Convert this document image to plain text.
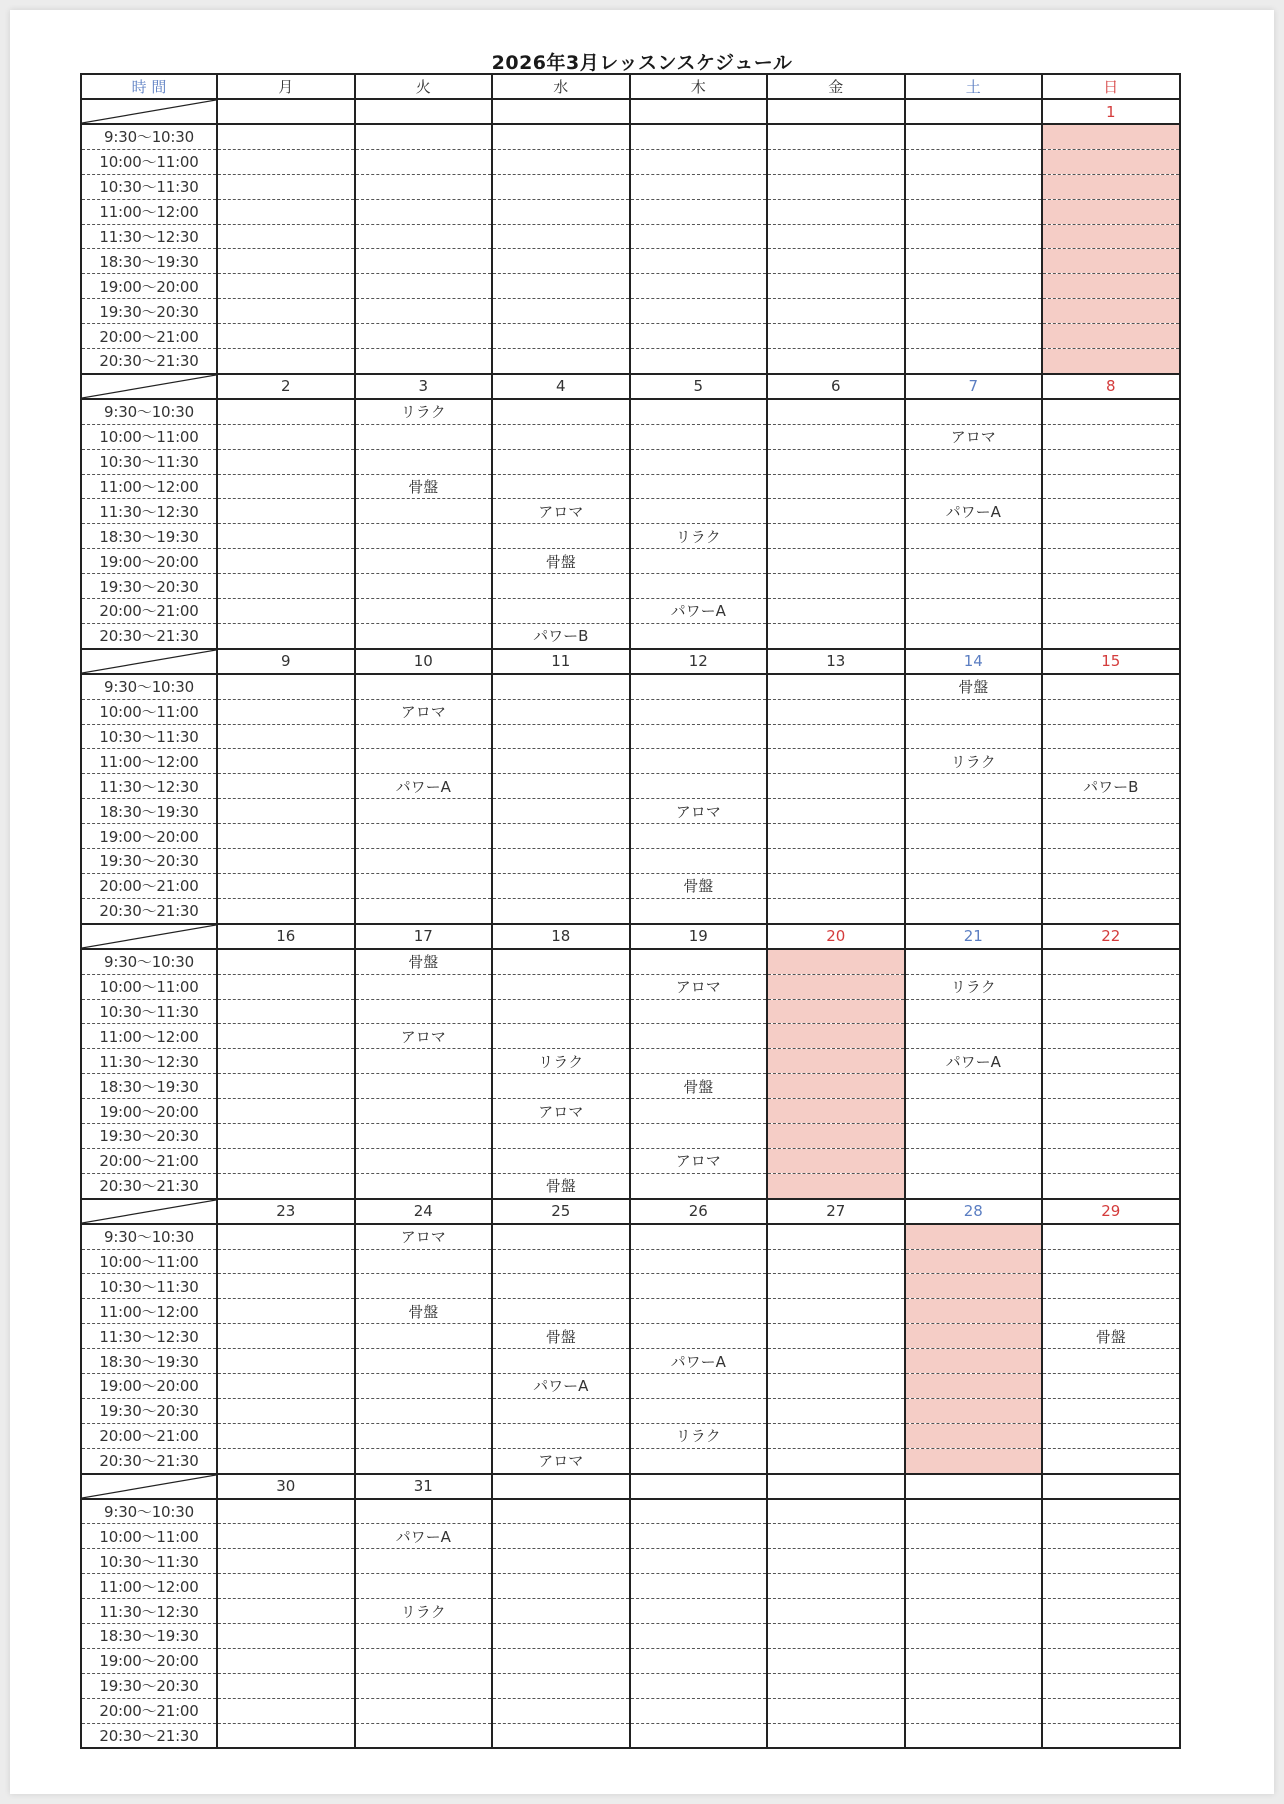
2026年3月レッスンスケジュール
時 間	月	火	水	木	金	土	日

							1
9:30～10:30							
10:00～11:00							
10:30～11:30							
11:00～12:00							
11:30～12:30							
18:30～19:30							
19:00～20:00							
19:30～20:30							
20:00～21:00							
20:30～21:30							

	2	3	4	5	6	7	8
9:30～10:30		リラク					
10:00～11:00						アロマ	
10:30～11:30							
11:00～12:00		骨盤					
11:30～12:30			アロマ			パワーA	
18:30～19:30				リラク			
19:00～20:00			骨盤				
19:30～20:30							
20:00～21:00				パワーA			
20:30～21:30			パワーB				

	9	10	11	12	13	14	15
9:30～10:30						骨盤	
10:00～11:00		アロマ					
10:30～11:30							
11:00～12:00						リラク	
11:30～12:30		パワーA					パワーB
18:30～19:30				アロマ			
19:00～20:00							
19:30～20:30							
20:00～21:00				骨盤			
20:30～21:30							

	16	17	18	19	20	21	22
9:30～10:30		骨盤					
10:00～11:00				アロマ		リラク	
10:30～11:30							
11:00～12:00		アロマ					
11:30～12:30			リラク			パワーA	
18:30～19:30				骨盤			
19:00～20:00			アロマ				
19:30～20:30							
20:00～21:00				アロマ			
20:30～21:30			骨盤				

	23	24	25	26	27	28	29
9:30～10:30		アロマ					
10:00～11:00							
10:30～11:30							
11:00～12:00		骨盤					
11:30～12:30			骨盤				骨盤
18:30～19:30				パワーA			
19:00～20:00			パワーA				
19:30～20:30							
20:00～21:00				リラク			
20:30～21:30			アロマ				

	30	31					
9:30～10:30							
10:00～11:00		パワーA					
10:30～11:30							
11:00～12:00							
11:30～12:30		リラク					
18:30～19:30							
19:00～20:00							
19:30～20:30							
20:00～21:00							
20:30～21:30							
